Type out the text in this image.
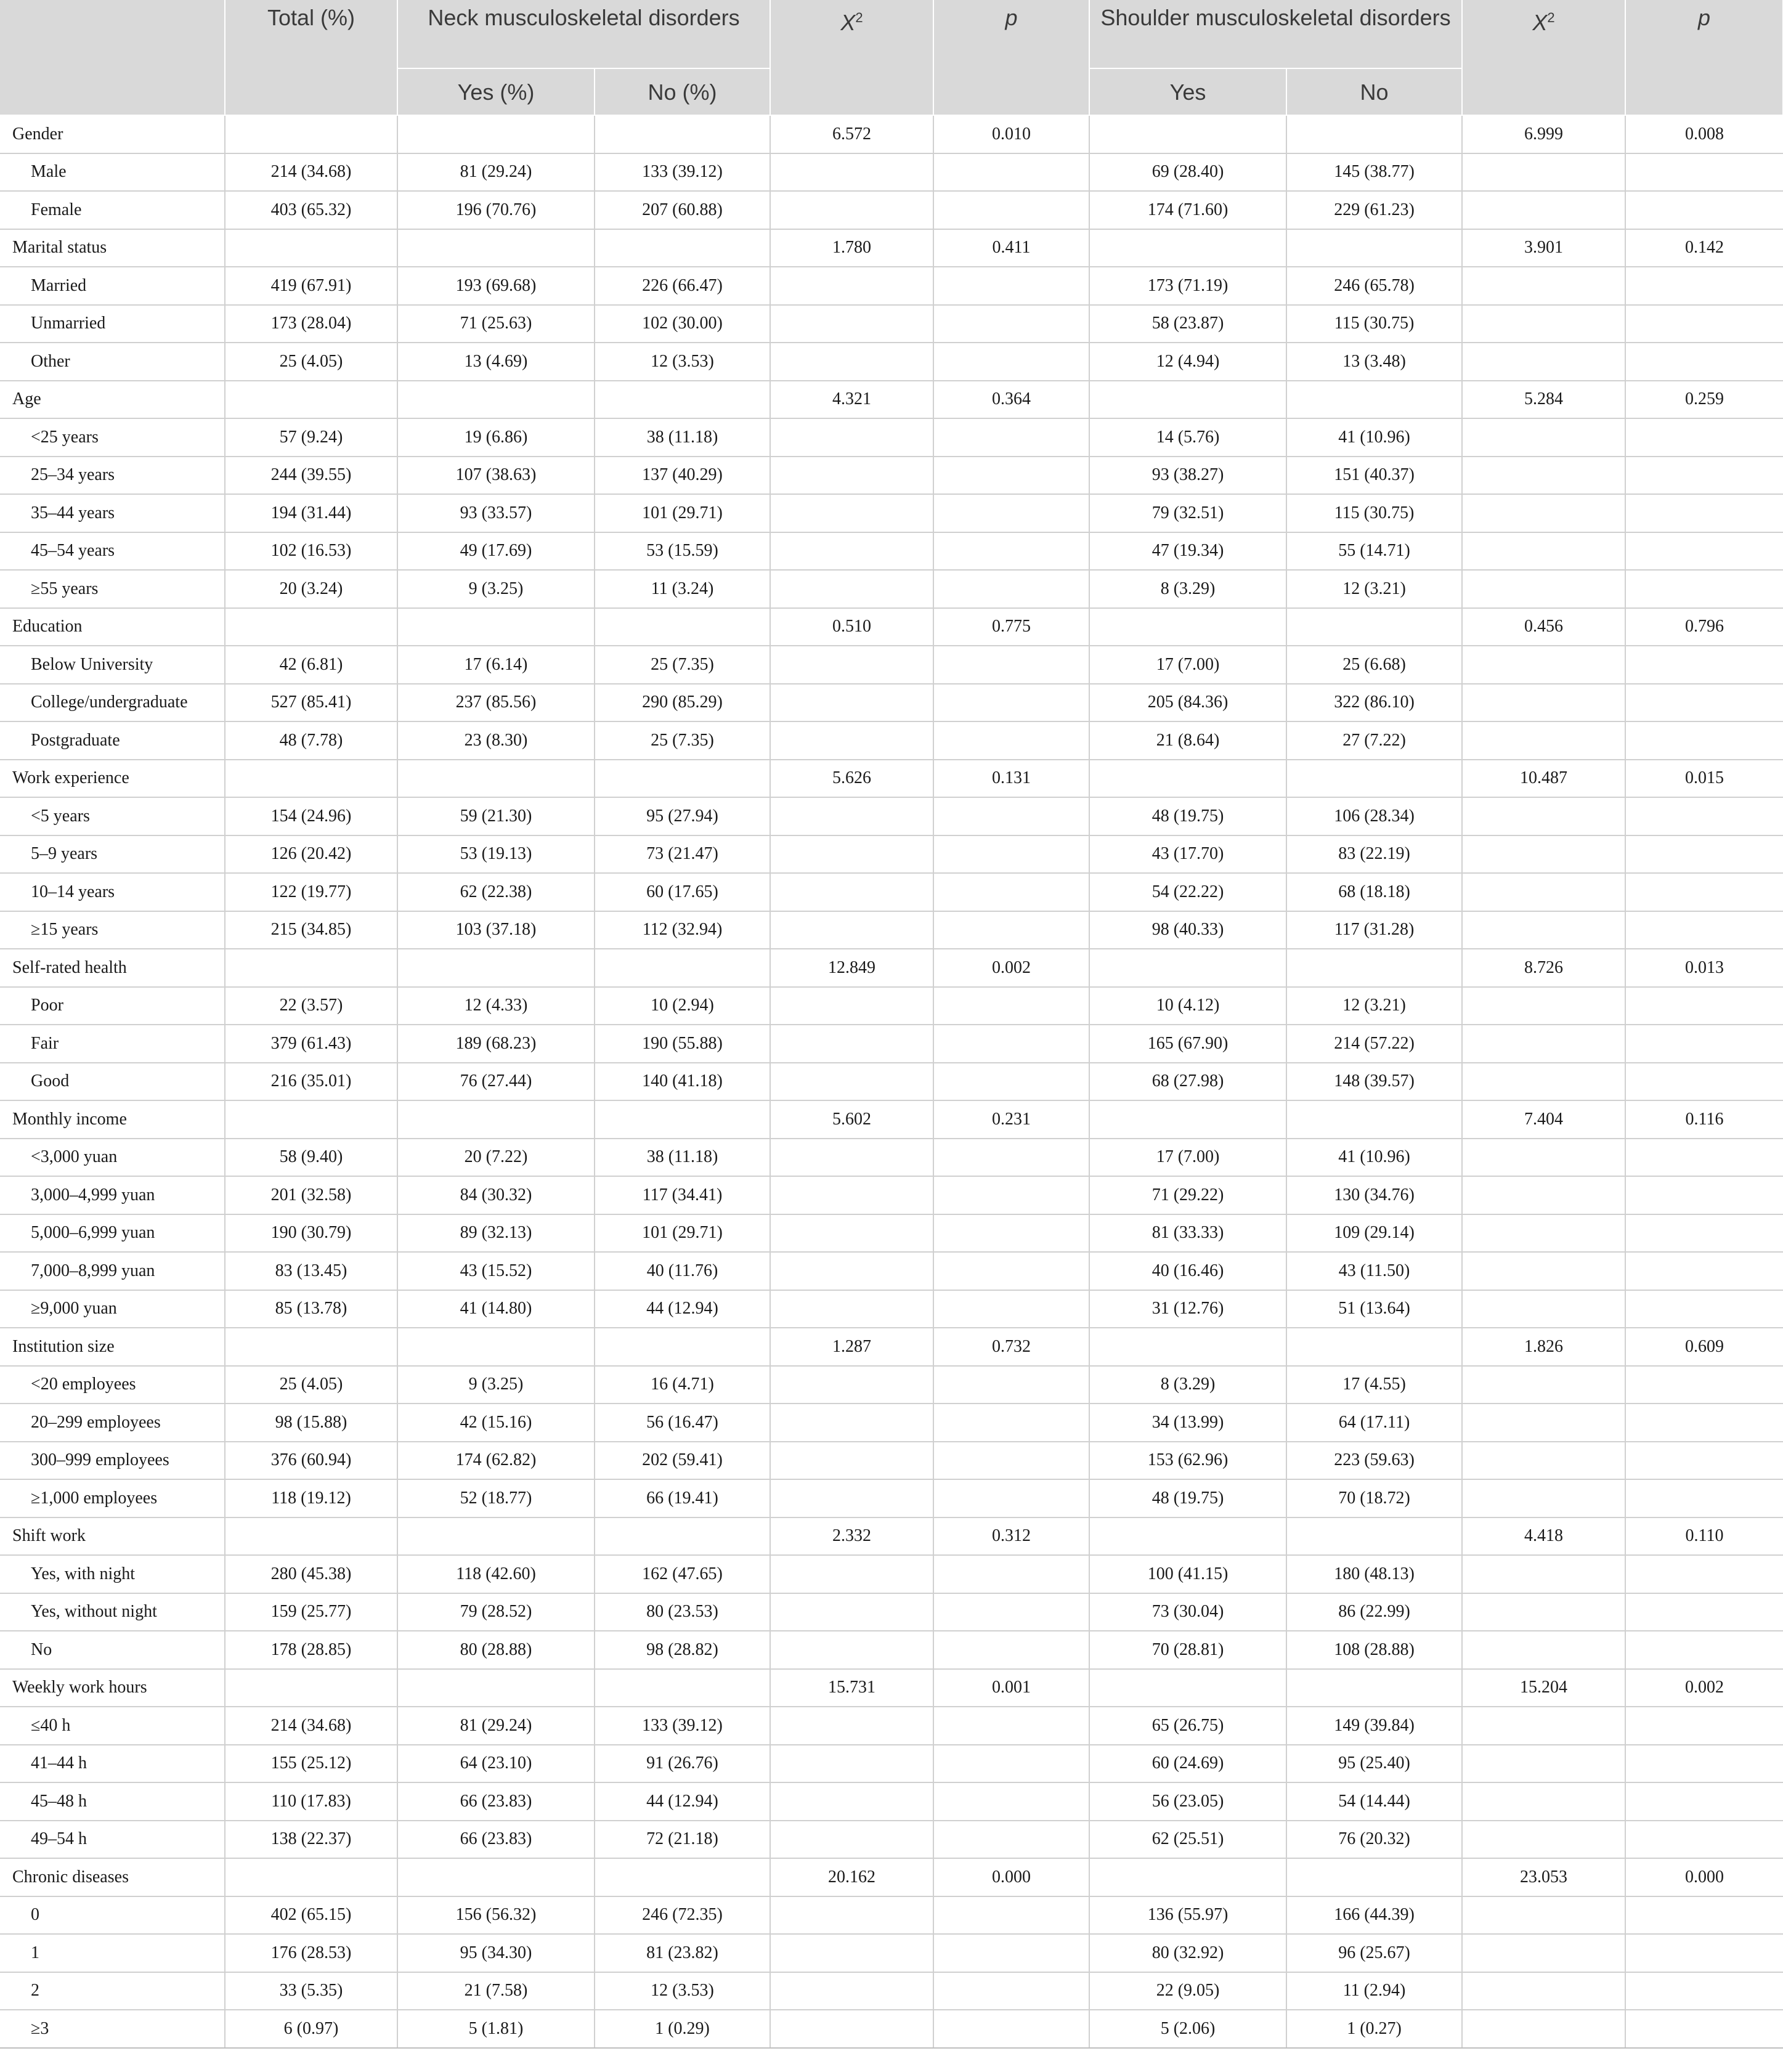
	Total (%)	Neck musculoskeletal disorders		$X^2$	p	Shoulder musculoskeletal disorders		$X^2$	p
		Yes (%)	No (%)			Yes	No		
Gender				6.572	0.010			6.999	0.008
Male	214 (34.68)	81 (29.24)	133 (39.12)			69 (28.40)	145 (38.77)		
Female	403 (65.32)	196 (70.76)	207 (60.88)			174 (71.60)	229 (61.23)		
Marital status				1.780	0.411			3.901	0.142
Married	419 (67.91)	193 (69.68)	226 (66.47)			173 (71.19)	246 (65.78)		
Unmarried	173 (28.04)	71 (25.63)	102 (30.00)			58 (23.87)	115 (30.75)		
Other	25 (4.05)	13 (4.69)	12 (3.53)			12 (4.94)	13 (3.48)		
Age				4.321	0.364			5.284	0.259
<25 years	57 (9.24)	19 (6.86)	38 (11.18)			14 (5.76)	41 (10.96)		
25–34 years	244 (39.55)	107 (38.63)	137 (40.29)			93 (38.27)	151 (40.37)		
35–44 years	194 (31.44)	93 (33.57)	101 (29.71)			79 (32.51)	115 (30.75)		
45–54 years	102 (16.53)	49 (17.69)	53 (15.59)			47 (19.34)	55 (14.71)		
≥55 years	20 (3.24)	9 (3.25)	11 (3.24)			8 (3.29)	12 (3.21)		
Education				0.510	0.775			0.456	0.796
Below University	42 (6.81)	17 (6.14)	25 (7.35)			17 (7.00)	25 (6.68)		
College/undergraduate	527 (85.41)	237 (85.56)	290 (85.29)			205 (84.36)	322 (86.10)		
Postgraduate	48 (7.78)	23 (8.30)	25 (7.35)			21 (8.64)	27 (7.22)		
Work experience				5.626	0.131			10.487	0.015
<5 years	154 (24.96)	59 (21.30)	95 (27.94)			48 (19.75)	106 (28.34)		
5–9 years	126 (20.42)	53 (19.13)	73 (21.47)			43 (17.70)	83 (22.19)		
10–14 years	122 (19.77)	62 (22.38)	60 (17.65)			54 (22.22)	68 (18.18)		
≥15 years	215 (34.85)	103 (37.18)	112 (32.94)			98 (40.33)	117 (31.28)		
Self-rated health				12.849	0.002			8.726	0.013
Poor	22 (3.57)	12 (4.33)	10 (2.94)			10 (4.12)	12 (3.21)		
Fair	379 (61.43)	189 (68.23)	190 (55.88)			165 (67.90)	214 (57.22)		
Good	216 (35.01)	76 (27.44)	140 (41.18)			68 (27.98)	148 (39.57)		
Monthly income				5.602	0.231			7.404	0.116
<3,000 yuan	58 (9.40)	20 (7.22)	38 (11.18)			17 (7.00)	41 (10.96)		
3,000–4,999 yuan	201 (32.58)	84 (30.32)	117 (34.41)			71 (29.22)	130 (34.76)		
5,000–6,999 yuan	190 (30.79)	89 (32.13)	101 (29.71)			81 (33.33)	109 (29.14)		
7,000–8,999 yuan	83 (13.45)	43 (15.52)	40 (11.76)			40 (16.46)	43 (11.50)		
≥9,000 yuan	85 (13.78)	41 (14.80)	44 (12.94)			31 (12.76)	51 (13.64)		
Institution size				1.287	0.732			1.826	0.609
<20 employees	25 (4.05)	9 (3.25)	16 (4.71)			8 (3.29)	17 (4.55)		
20–299 employees	98 (15.88)	42 (15.16)	56 (16.47)			34 (13.99)	64 (17.11)		
300–999 employees	376 (60.94)	174 (62.82)	202 (59.41)			153 (62.96)	223 (59.63)		
≥1,000 employees	118 (19.12)	52 (18.77)	66 (19.41)			48 (19.75)	70 (18.72)		
Shift work				2.332	0.312			4.418	0.110
Yes, with night	280 (45.38)	118 (42.60)	162 (47.65)			100 (41.15)	180 (48.13)		
Yes, without night	159 (25.77)	79 (28.52)	80 (23.53)			73 (30.04)	86 (22.99)		
No	178 (28.85)	80 (28.88)	98 (28.82)			70 (28.81)	108 (28.88)		
Weekly work hours				15.731	0.001			15.204	0.002
≤40 h	214 (34.68)	81 (29.24)	133 (39.12)			65 (26.75)	149 (39.84)		
41–44 h	155 (25.12)	64 (23.10)	91 (26.76)			60 (24.69)	95 (25.40)		
45–48 h	110 (17.83)	66 (23.83)	44 (12.94)			56 (23.05)	54 (14.44)		
49–54 h	138 (22.37)	66 (23.83)	72 (21.18)			62 (25.51)	76 (20.32)		
Chronic diseases				20.162	0.000			23.053	0.000
0	402 (65.15)	156 (56.32)	246 (72.35)			136 (55.97)	166 (44.39)		
1	176 (28.53)	95 (34.30)	81 (23.82)			80 (32.92)	96 (25.67)		
2	33 (5.35)	21 (7.58)	12 (3.53)			22 (9.05)	11 (2.94)		
≥3	6 (0.97)	5 (1.81)	1 (0.29)			5 (2.06)	1 (0.27)		
